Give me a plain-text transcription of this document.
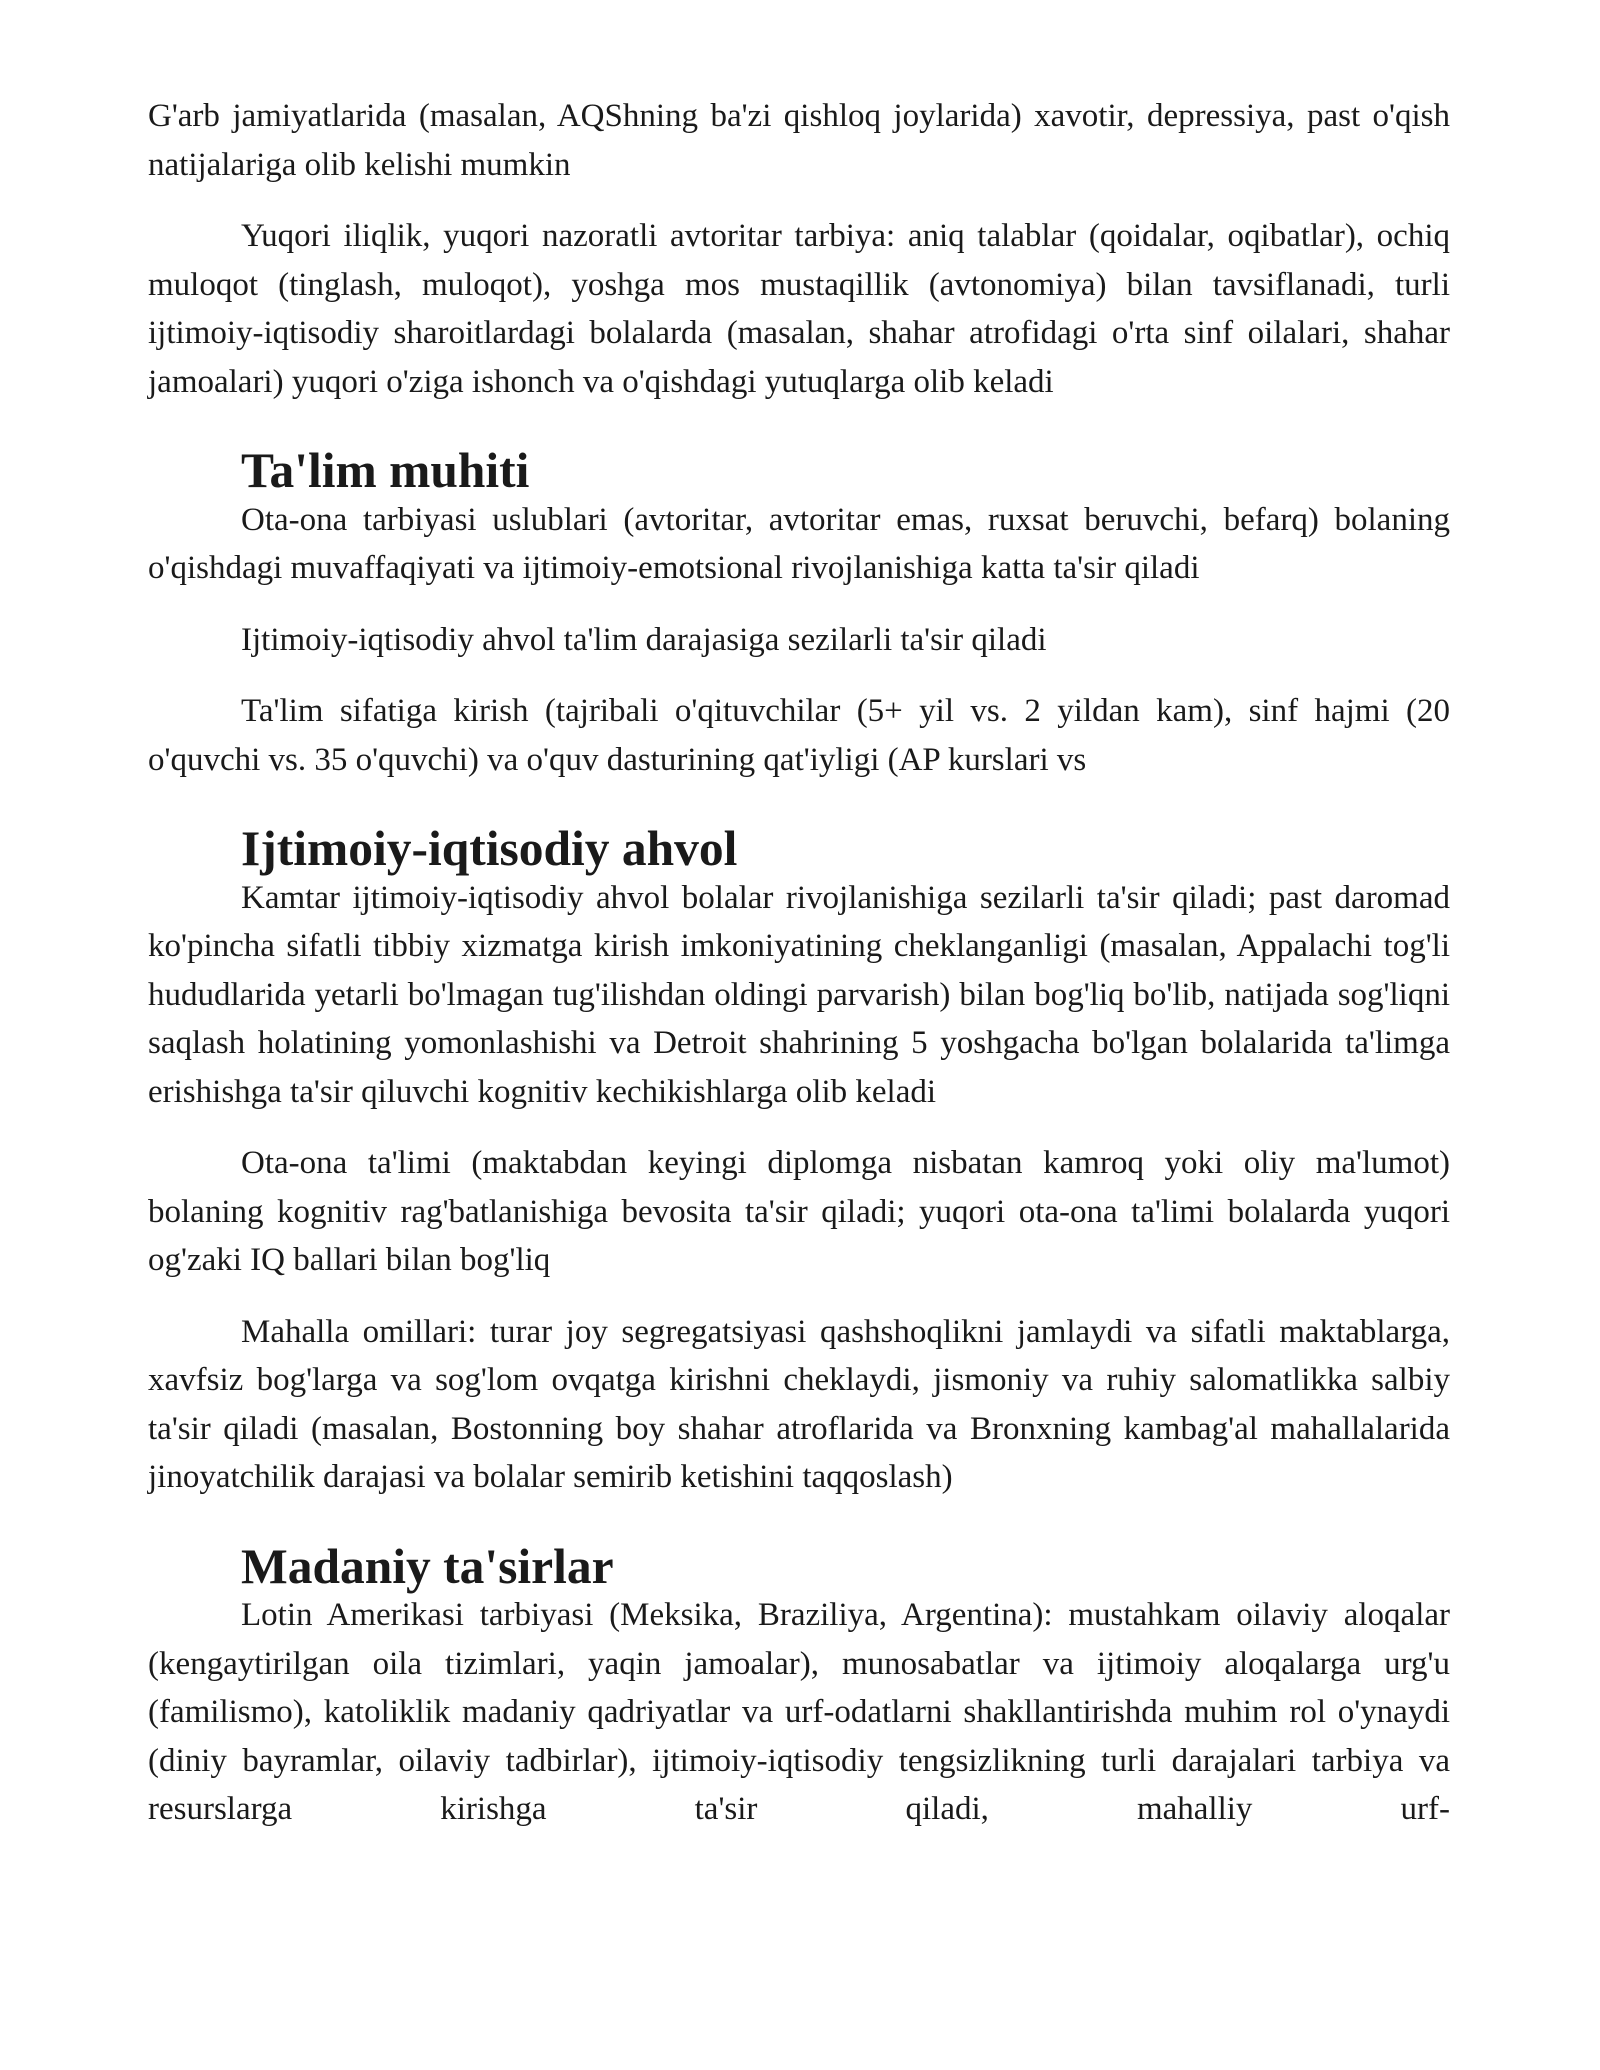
G'arb jamiyatlarida (masalan, AQShning ba'zi qishloq joylarida) xavotir, depressiya, past o'qish natijalariga olib kelishi mumkin

Yuqori iliqlik, yuqori nazoratli avtoritar tarbiya: aniq talablar (qoidalar, oqibatlar), ochiq muloqot (tinglash, muloqot), yoshga mos mustaqillik (avtonomiya) bilan tavsiflanadi, turli ijtimoiy-iqtisodiy sharoitlardagi bolalarda (masalan, shahar atrofidagi o'rta sinf oilalari, shahar jamoalari) yuqori o'ziga ishonch va o'qishdagi yutuqlarga olib keladi

Ta'lim muhiti

Ota-ona tarbiyasi uslublari (avtoritar, avtoritar emas, ruxsat beruvchi, befarq) bolaning o'qishdagi muvaffaqiyati va ijtimoiy-emotsional rivojlanishiga katta ta'sir qiladi

Ijtimoiy-iqtisodiy ahvol ta'lim darajasiga sezilarli ta'sir qiladi

Ta'lim sifatiga kirish (tajribali o'qituvchilar (5+ yil vs. 2 yildan kam), sinf hajmi (20 o'quvchi vs. 35 o'quvchi) va o'quv dasturining qat'iyligi (AP kurslari vs

Ijtimoiy-iqtisodiy ahvol

Kamtar ijtimoiy-iqtisodiy ahvol bolalar rivojlanishiga sezilarli ta'sir qiladi; past daromad ko'pincha sifatli tibbiy xizmatga kirish imkoniyatining cheklanganligi (masalan, Appalachi tog'li hududlarida yetarli bo'lmagan tug'ilishdan oldingi parvarish) bilan bog'liq bo'lib, natijada sog'liqni saqlash holatining yomonlashishi va Detroit shahrining 5 yoshgacha bo'lgan bolalarida ta'limga erishishga ta'sir qiluvchi kognitiv kechikishlarga olib keladi

Ota-ona ta'limi (maktabdan keyingi diplomga nisbatan kamroq yoki oliy ma'lumot) bolaning kognitiv rag'batlanishiga bevosita ta'sir qiladi; yuqori ota-ona ta'limi bolalarda yuqori og'zaki IQ ballari bilan bog'liq

Mahalla omillari: turar joy segregatsiyasi qashshoqlikni jamlaydi va sifatli maktablarga, xavfsiz bog'larga va sog'lom ovqatga kirishni cheklaydi, jismoniy va ruhiy salomatlikka salbiy ta'sir qiladi (masalan, Bostonning boy shahar atroflarida va Bronxning kambag'al mahallalarida jinoyatchilik darajasi va bolalar semirib ketishini taqqoslash)

Madaniy ta'sirlar

Lotin Amerikasi tarbiyasi (Meksika, Braziliya, Argentina): mustahkam oilaviy aloqalar (kengaytirilgan oila tizimlari, yaqin jamoalar), munosabatlar va ijtimoiy aloqalarga urg'u (familismo), katoliklik madaniy qadriyatlar va urf-odatlarni shakllantirishda muhim rol o'ynaydi (diniy bayramlar, oilaviy tadbirlar), ijtimoiy-iqtisodiy tengsizlikning turli darajalari tarbiya va resurslarga kirishga ta'sir qiladi, mahalliy urf-
